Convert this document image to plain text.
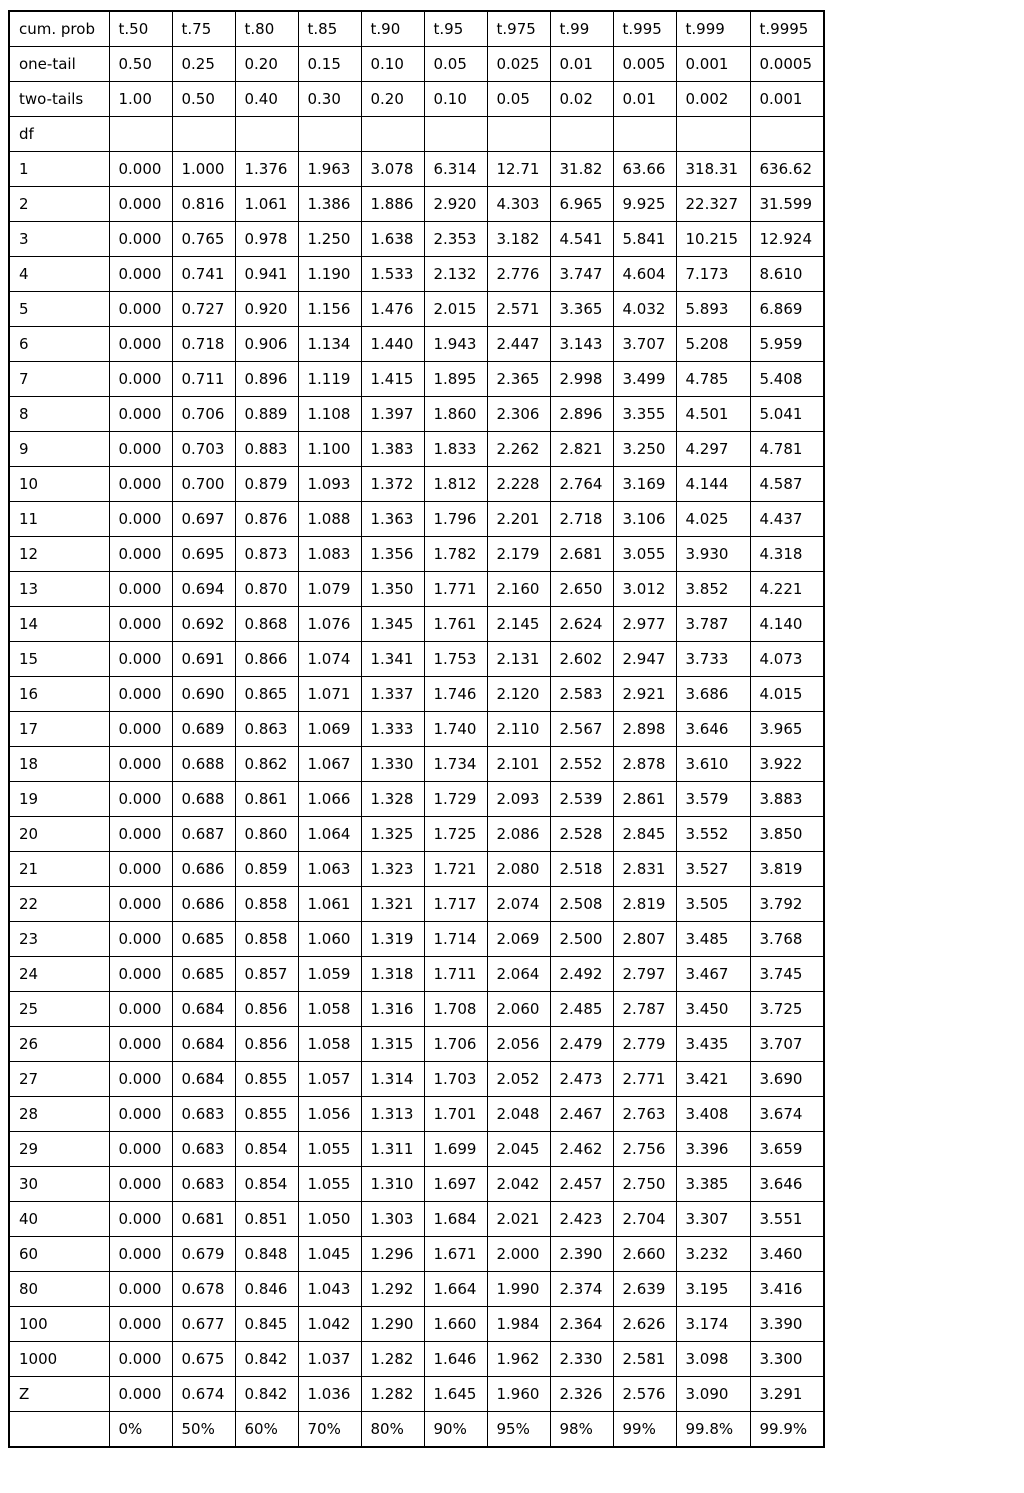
cum. prob	t.50	t.75	t.80	t.85	t.90	t.95	t.975	t.99	t.995	t.999	t.9995
one-tail	0.50	0.25	0.20	0.15	0.10	0.05	0.025	0.01	0.005	0.001	0.0005
two-tails	1.00	0.50	0.40	0.30	0.20	0.10	0.05	0.02	0.01	0.002	0.001
df											
1	0.000	1.000	1.376	1.963	3.078	6.314	12.71	31.82	63.66	318.31	636.62
2	0.000	0.816	1.061	1.386	1.886	2.920	4.303	6.965	9.925	22.327	31.599
3	0.000	0.765	0.978	1.250	1.638	2.353	3.182	4.541	5.841	10.215	12.924
4	0.000	0.741	0.941	1.190	1.533	2.132	2.776	3.747	4.604	7.173	8.610
5	0.000	0.727	0.920	1.156	1.476	2.015	2.571	3.365	4.032	5.893	6.869
6	0.000	0.718	0.906	1.134	1.440	1.943	2.447	3.143	3.707	5.208	5.959
7	0.000	0.711	0.896	1.119	1.415	1.895	2.365	2.998	3.499	4.785	5.408
8	0.000	0.706	0.889	1.108	1.397	1.860	2.306	2.896	3.355	4.501	5.041
9	0.000	0.703	0.883	1.100	1.383	1.833	2.262	2.821	3.250	4.297	4.781
10	0.000	0.700	0.879	1.093	1.372	1.812	2.228	2.764	3.169	4.144	4.587
11	0.000	0.697	0.876	1.088	1.363	1.796	2.201	2.718	3.106	4.025	4.437
12	0.000	0.695	0.873	1.083	1.356	1.782	2.179	2.681	3.055	3.930	4.318
13	0.000	0.694	0.870	1.079	1.350	1.771	2.160	2.650	3.012	3.852	4.221
14	0.000	0.692	0.868	1.076	1.345	1.761	2.145	2.624	2.977	3.787	4.140
15	0.000	0.691	0.866	1.074	1.341	1.753	2.131	2.602	2.947	3.733	4.073
16	0.000	0.690	0.865	1.071	1.337	1.746	2.120	2.583	2.921	3.686	4.015
17	0.000	0.689	0.863	1.069	1.333	1.740	2.110	2.567	2.898	3.646	3.965
18	0.000	0.688	0.862	1.067	1.330	1.734	2.101	2.552	2.878	3.610	3.922
19	0.000	0.688	0.861	1.066	1.328	1.729	2.093	2.539	2.861	3.579	3.883
20	0.000	0.687	0.860	1.064	1.325	1.725	2.086	2.528	2.845	3.552	3.850
21	0.000	0.686	0.859	1.063	1.323	1.721	2.080	2.518	2.831	3.527	3.819
22	0.000	0.686	0.858	1.061	1.321	1.717	2.074	2.508	2.819	3.505	3.792
23	0.000	0.685	0.858	1.060	1.319	1.714	2.069	2.500	2.807	3.485	3.768
24	0.000	0.685	0.857	1.059	1.318	1.711	2.064	2.492	2.797	3.467	3.745
25	0.000	0.684	0.856	1.058	1.316	1.708	2.060	2.485	2.787	3.450	3.725
26	0.000	0.684	0.856	1.058	1.315	1.706	2.056	2.479	2.779	3.435	3.707
27	0.000	0.684	0.855	1.057	1.314	1.703	2.052	2.473	2.771	3.421	3.690
28	0.000	0.683	0.855	1.056	1.313	1.701	2.048	2.467	2.763	3.408	3.674
29	0.000	0.683	0.854	1.055	1.311	1.699	2.045	2.462	2.756	3.396	3.659
30	0.000	0.683	0.854	1.055	1.310	1.697	2.042	2.457	2.750	3.385	3.646
40	0.000	0.681	0.851	1.050	1.303	1.684	2.021	2.423	2.704	3.307	3.551
60	0.000	0.679	0.848	1.045	1.296	1.671	2.000	2.390	2.660	3.232	3.460
80	0.000	0.678	0.846	1.043	1.292	1.664	1.990	2.374	2.639	3.195	3.416
100	0.000	0.677	0.845	1.042	1.290	1.660	1.984	2.364	2.626	3.174	3.390
1000	0.000	0.675	0.842	1.037	1.282	1.646	1.962	2.330	2.581	3.098	3.300
Z	0.000	0.674	0.842	1.036	1.282	1.645	1.960	2.326	2.576	3.090	3.291
	0%	50%	60%	70%	80%	90%	95%	98%	99%	99.8%	99.9%
